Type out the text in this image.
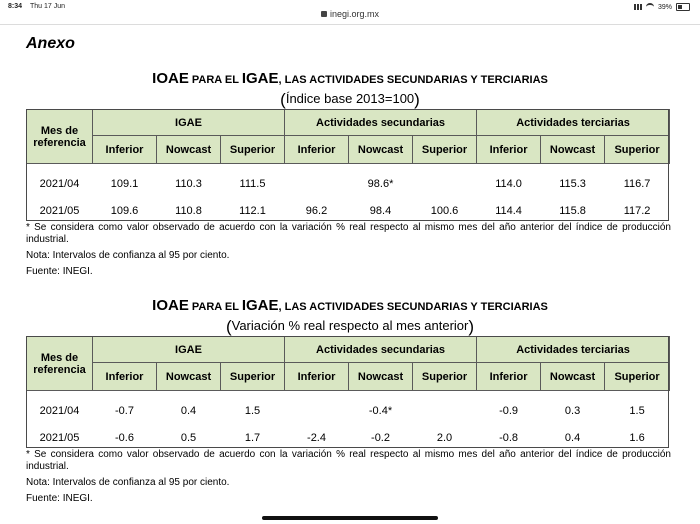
8:34 Thu 17 Jun	39%
inegi.org.mx
Anexo
IOAE PARA EL IGAE, LAS ACTIVIDADES SECUNDARIAS Y TERCIARIAS
(Índice base 2013=100)
Mes de referencia	IGAE			Actividades secundarias			Actividades terciarias		
	Inferior	Nowcast	Superior	Inferior	Nowcast	Superior	Inferior	Nowcast	Superior

2021/04	109.1	110.3	111.5		98.6*		114.0	115.3	116.7
2021/05	109.6	110.8	112.1	96.2	98.4	100.6	114.4	115.8	117.2
* Se considera como valor observado de acuerdo con la variación % real respecto al mismo mes del año anterior del índice de producción industrial.
Nota: Intervalos de confianza al 95 por ciento.
Fuente: INEGI.
IOAE PARA EL IGAE, LAS ACTIVIDADES SECUNDARIAS Y TERCIARIAS
(Variación % real respecto al mes anterior)
Mes de referencia	IGAE			Actividades secundarias			Actividades terciarias		
	Inferior	Nowcast	Superior	Inferior	Nowcast	Superior	Inferior	Nowcast	Superior

2021/04	-0.7	0.4	1.5		-0.4*		-0.9	0.3	1.5
2021/05	-0.6	0.5	1.7	-2.4	-0.2	2.0	-0.8	0.4	1.6
* Se considera como valor observado de acuerdo con la variación % real respecto al mismo mes del año anterior del índice de producción industrial.
Nota: Intervalos de confianza al 95 por ciento.
Fuente: INEGI.
